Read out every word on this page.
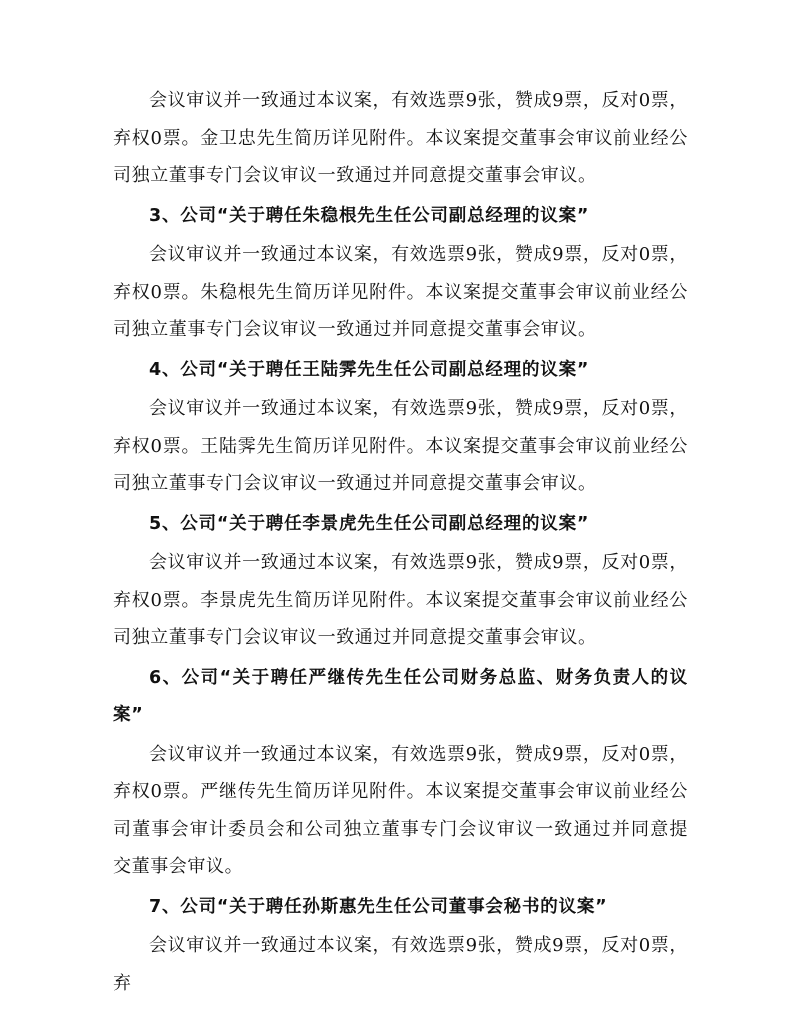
会议审议并一致通过本议案，有效选票9张，赞成9票，反对0票，弃权0票。金卫忠先生简历详见附件。本议案提交董事会审议前业经公司独立董事专门会议审议一致通过并同意提交董事会审议。

3、公司“关于聘任朱稳根先生任公司副总经理的议案”

会议审议并一致通过本议案，有效选票9张，赞成9票，反对0票，弃权0票。朱稳根先生简历详见附件。本议案提交董事会审议前业经公司独立董事专门会议审议一致通过并同意提交董事会审议。

4、公司“关于聘任王陆霁先生任公司副总经理的议案”

会议审议并一致通过本议案，有效选票9张，赞成9票，反对0票，弃权0票。王陆霁先生简历详见附件。本议案提交董事会审议前业经公司独立董事专门会议审议一致通过并同意提交董事会审议。

5、公司“关于聘任李景虎先生任公司副总经理的议案”

会议审议并一致通过本议案，有效选票9张，赞成9票，反对0票，弃权0票。李景虎先生简历详见附件。本议案提交董事会审议前业经公司独立董事专门会议审议一致通过并同意提交董事会审议。

6、公司“关于聘任严继传先生任公司财务总监、财务负责人的议案”

会议审议并一致通过本议案，有效选票9张，赞成9票，反对0票，弃权0票。严继传先生简历详见附件。本议案提交董事会审议前业经公司董事会审计委员会和公司独立董事专门会议审议一致通过并同意提交董事会审议。

7、公司“关于聘任孙斯惠先生任公司董事会秘书的议案”

会议审议并一致通过本议案，有效选票9张，赞成9票，反对0票，弃
